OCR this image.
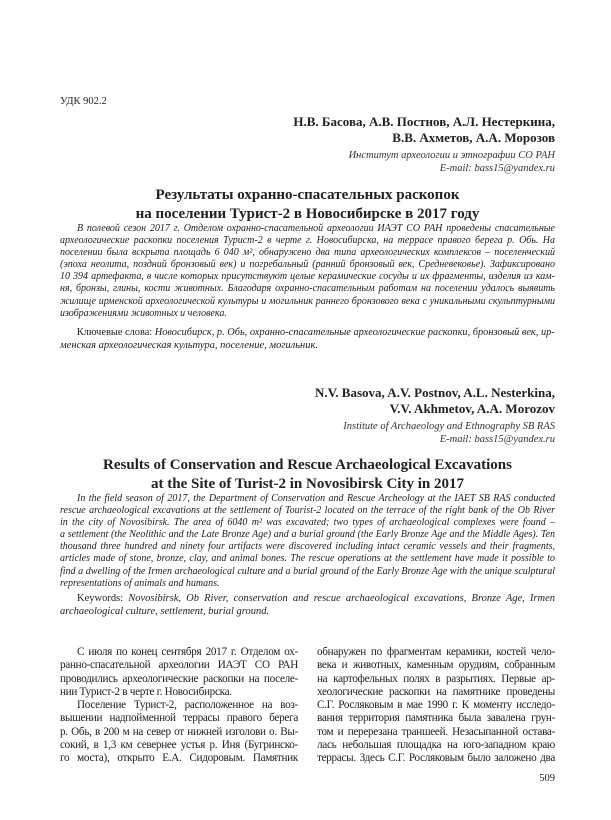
УДК 902.2
Н.В. Басова, А.В. Постнов, А.Л. Нестеркина,
В.В. Ахметов, А.А. Морозов
Институт археологии и этнографии СО РАН
E-mail: bass15@yandex.ru
Результаты охранно-спасательных раскопок
на поселении Турист-2 в Новосибирске в 2017 году
В полевой сезон 2017 г. Отделом охранно-спасательной археологии ИАЭТ СО РАН проведены спасательные
археологические раскопки поселения Турист-2 в черте г. Новосибирска, на террасе правого берега р. Обь. На
поселении была вскрыта площадь 6 040 м², обнаружено два типа археологических комплексов – поселенческий
(эпоха неолита, поздний бронзовый век) и погребальный (ранний бронзовый век, Средневековье). Зафиксировано
10 394 артефакта, в числе которых присутствуют целые керамические сосуды и их фрагменты, изделия из кам-
ня, бронзы, глины, кости животных. Благодаря охранно-спасательным работам на поселении удалось выявить
жилище ирменской археологической культуры и могильник раннего бронзового века с уникальными скульптурными
изображениями животных и человека.
Ключевые слова: Новосибирск, р. Обь, охранно-спасательные археологические раскопки, бронзовый век, ир-
менская археологическая культура, поселение, могильник.
N.V. Basova, A.V. Postnov, A.L. Nesterkina,
V.V. Akhmetov, A.A. Morozov
Institute of Archaeology and Ethnography SB RAS
E-mail: bass15@yandex.ru
Results of Conservation and Rescue Archaeological Excavations
at the Site of Turist-2 in Novosibirsk City in 2017
In the field season of 2017, the Department of Conservation and Rescue Archeology at the IAET SB RAS conducted
rescue archaeological excavations at the settlement of Tourist-2 located on the terrace of the right bank of the Ob River
in the city of Novosibirsk. The area of 6040 m² was excavated; two types of archaeological complexes were found –
a settlement (the Neolithic and the Late Bronze Age) and a burial ground (the Early Bronze Age and the Middle Ages). Ten
thousand three hundred and ninety four artifacts were discovered including intact ceramic vessels and their fragments,
articles made of stone, bronze, clay, and animal bones. The rescue operations at the settlement have made it possible to
find a dwelling of the Irmen archaeological culture and a burial ground of the Early Bronze Age with the unique sculptural
representations of animals and humans.
Keywords: Novosibirsk, Ob River, conservation and rescue archaeological excavations, Bronze Age, Irmen
archaeological culture, settlement, burial ground.
С июля по конец сентября 2017 г. Отделом ох-
ранно-спасательной археологии ИАЭТ СО РАН
проводились археологические раскопки на поселе-
нии Турист-2 в черте г. Новосибирска.
Поселение Турист-2, расположенное на воз-
вышении надпойменной террасы правого берега
р. Обь, в 200 м на север от нижней изголови о. Вы-
сокий, в 1,3 км севернее устья р. Иня (Бугринско-
го моста), открыто Е.А. Сидоровым. Памятник
обнаружен по фрагментам керамики, костей чело-
века и животных, каменным орудиям, собранным
на картофельных полях в разрытиях. Первые ар-
хеологические раскопки на памятнике проведены
С.Г. Росляковым в мае 1990 г. К моменту исследо-
вания территория памятника была завалена грун-
том и перерезана траншеей. Незасыпанной остава-
лась небольшая площадка на юго-западном краю
террасы. Здесь С.Г. Росляковым было заложено два
509
